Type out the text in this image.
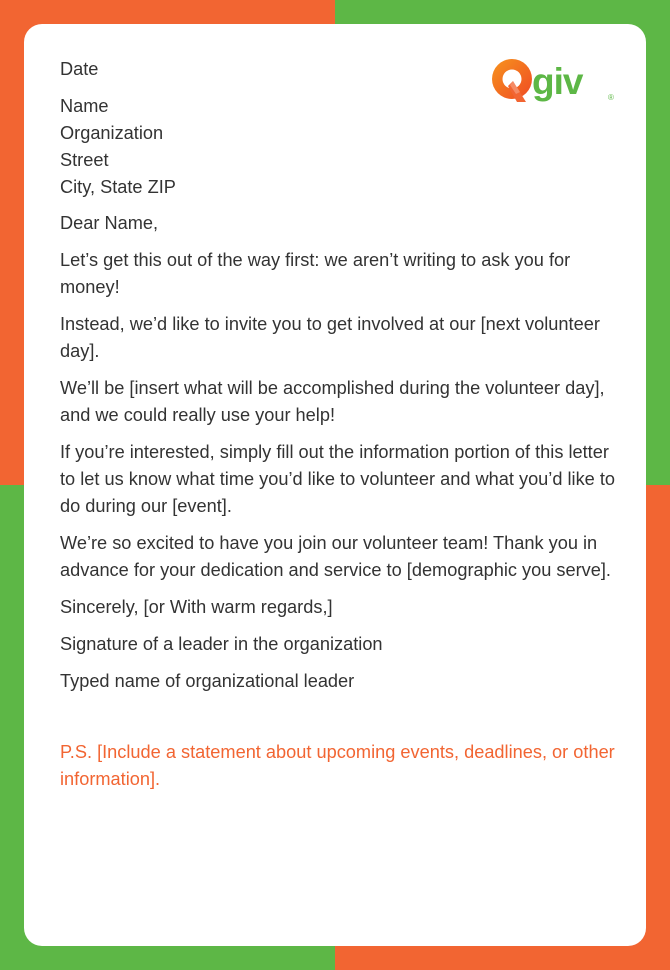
giv	®

Date

Name
Organization
Street
City, State ZIP

Dear Name,

Let’s get this out of the way first: we aren’t writing to ask you for money!

Instead, we’d like to invite you to get involved at our [next volunteer day].

We’ll be [insert what will be accomplished during the volunteer day], and we could really use your help!

If you’re interested, simply fill out the information portion of this letter to let us know what time you’d like to volunteer and what you’d like to do during our [event].

We’re so excited to have you join our volunteer team! Thank you in advance for your dedication and service to [demographic you serve].

Sincerely, [or With warm regards,]

Signature of a leader in the organization

Typed name of organizational leader

P.S. [Include a statement about upcoming events, deadlines, or other information].
